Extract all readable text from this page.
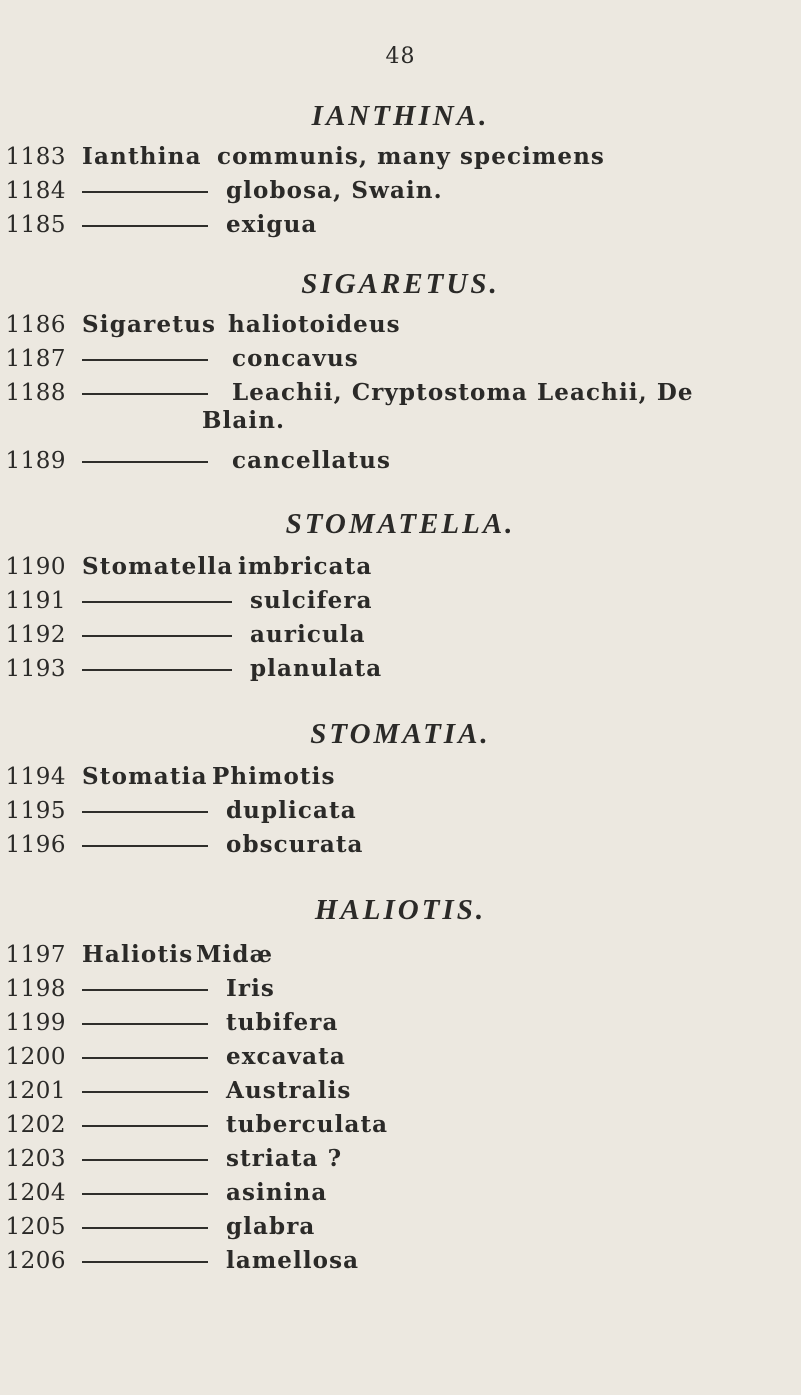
48
IANTHINA.
1183 Ianthina communis, many specimens
1184	globosa, Swain.
1185	exigua
SIGARETUS.
1186 Sigaretus haliotoideus
1187	concavus
1188	Leachii, Cryptostoma Leachii, De
Blain.
1189	cancellatus
STOMATELLA.
1190 Stomatella imbricata
1191	sulcifera
1192	auricula
1193	planulata
STOMATIA.
1194 Stomatia Phimotis
1195	duplicata
1196	obscurata
HALIOTIS.
1197 Haliotis Midæ
1198	Iris
1199	tubifera
1200	excavata
1201	Australis
1202	tuberculata
1203	striata ?
1204	asinina
1205	glabra
1206	lamellosa
